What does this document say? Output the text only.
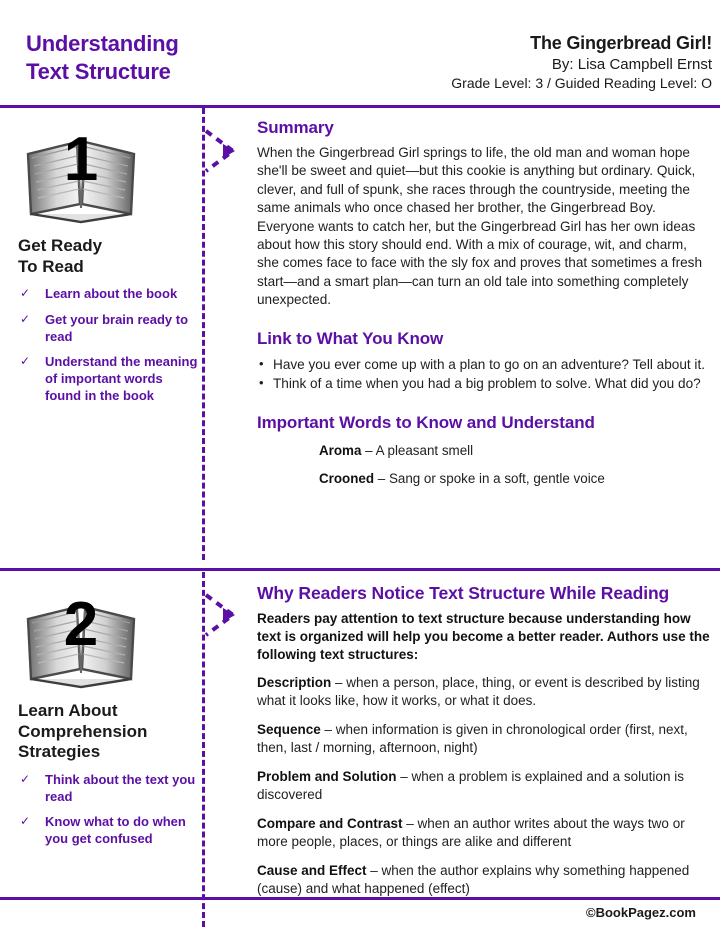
Understanding
Text Structure
The Gingerbread Girl!
By: Lisa Campbell Ernst
Grade Level: 3 / Guided Reading Level: O
1
Get Ready
To Read
✓ Learn about the book
✓ Get your brain ready to read
✓ Understand the meaning of important words found in the book
Summary
When the Gingerbread Girl springs to life, the old man and woman hope she'll be sweet and quiet—but this cookie is anything but ordinary. Quick, clever, and full of spunk, she races through the countryside, meeting the same animals who once chased her brother, the Gingerbread Boy. Everyone wants to catch her, but the Gingerbread Girl has her own ideas about how this story should end. With a mix of courage, wit, and charm, she comes face to face with the sly fox and proves that sometimes a fresh start—and a smart plan—can turn an old tale into something completely unexpected.
Link to What You Know
• Have you ever come up with a plan to go on an adventure? Tell about it.
• Think of a time when you had a big problem to solve. What did you do?
Important Words to Know and Understand
Aroma – A pleasant smell
Crooned – Sang or spoke in a soft, gentle voice
2
Learn About
Comprehension
Strategies
✓ Think about the text you read
✓ Know what to do when you get confused
Why Readers Notice Text Structure While Reading
Readers pay attention to text structure because understanding how text is organized will help you become a better reader. Authors use the following text structures:
Description – when a person, place, thing, or event is described by listing what it looks like, how it works, or what it does.
Sequence – when information is given in chronological order (first, next, then, last / morning, afternoon, night)
Problem and Solution – when a problem is explained and a solution is discovered
Compare and Contrast – when an author writes about the ways two or more people, places, or things are alike and different
Cause and Effect – when the author explains why something happened (cause) and what happened (effect)
©BookPagez.com
